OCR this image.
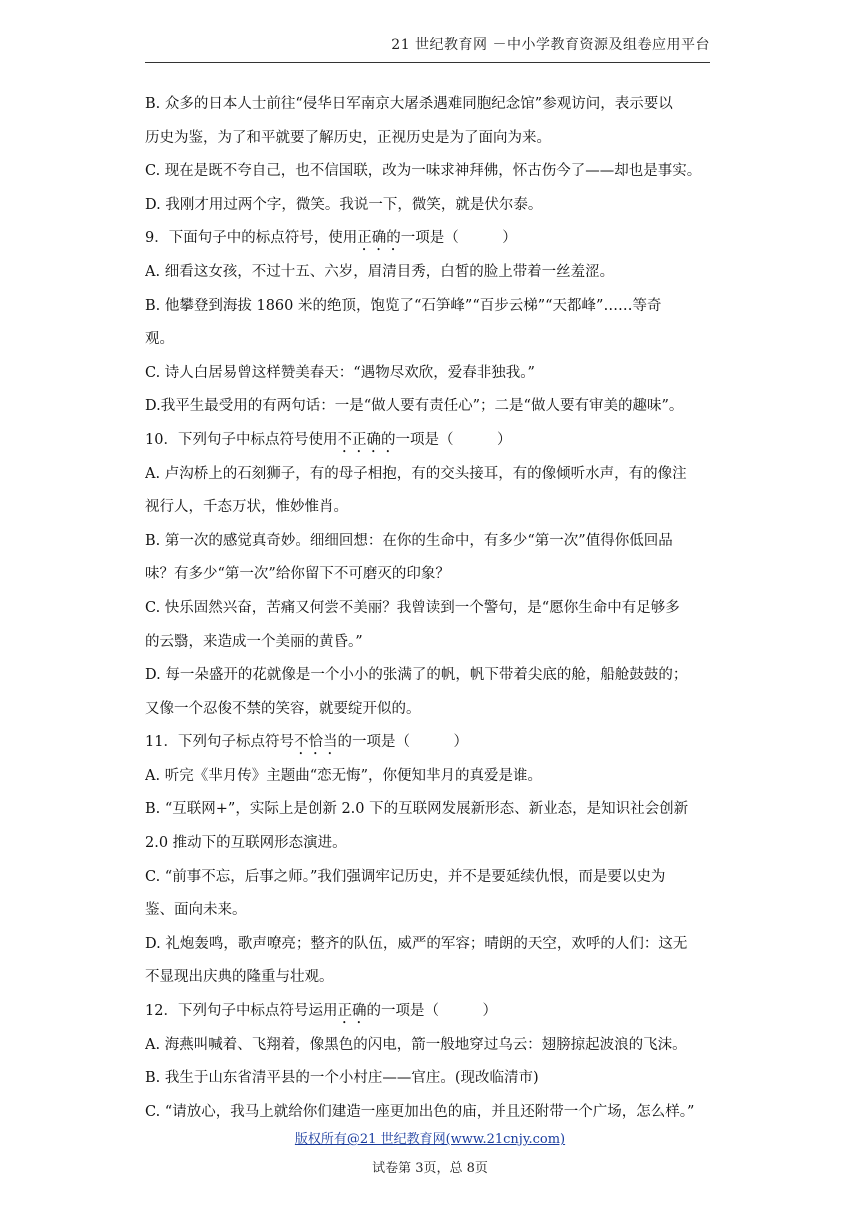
21 世纪教育网 －中小学教育资源及组卷应用平台
B. 众多的日本人士前往“侵华日军南京大屠杀遇难同胞纪念馆”参观访问，表示要以
历史为鉴，为了和平就要了解历史，正视历史是为了面向为来。
C. 现在是既不夸自己，也不信国联，改为一味求神拜佛，怀古伤今了——却也是事实。
D. 我刚才用过两个字，微笑。我说一下，微笑，就是伏尔泰。
9．下面句子中的标点符号，使用正确的一项是（　　　）
A. 细看这女孩，不过十五、六岁，眉清目秀，白皙的脸上带着一丝羞涩。
B. 他攀登到海拔 1860 米的绝顶，饱览了“石笋峰”“百步云梯”“天都峰”……等奇
观。
C. 诗人白居易曾这样赞美春天：“遇物尽欢欣，爱春非独我。”
D.我平生最受用的有两句话：一是“做人要有责任心”；二是“做人要有审美的趣味”。
10．下列句子中标点符号使用不正确的一项是（　　　）
A. 卢沟桥上的石刻狮子，有的母子相抱，有的交头接耳，有的像倾听水声，有的像注
视行人，千态万状，惟妙惟肖。
B. 第一次的感觉真奇妙。细细回想：在你的生命中，有多少“第一次”值得你低回品
味？有多少“第一次”给你留下不可磨灭的印象？
C. 快乐固然兴奋，苦痛又何尝不美丽？我曾读到一个警句，是“愿你生命中有足够多
的云翳，来造成一个美丽的黄昏。”
D. 每一朵盛开的花就像是一个小小的张满了的帆，帆下带着尖底的舱，船舱鼓鼓的；
又像一个忍俊不禁的笑容，就要绽开似的。
11．下列句子标点符号不恰当的一项是（　　　）
A. 听完《芈月传》主题曲“恋无悔”，你便知芈月的真爱是谁。
B. “互联网+”，实际上是创新 2.0 下的互联网发展新形态、新业态，是知识社会创新
2.0 推动下的互联网形态演进。
C. “前事不忘，后事之师。”我们强调牢记历史，并不是要延续仇恨，而是要以史为
鉴、面向未来。
D. 礼炮轰鸣，歌声嘹亮；整齐的队伍，威严的军容；晴朗的天空，欢呼的人们：这无
不显现出庆典的隆重与壮观。
12．下列句子中标点符号运用正确的一项是（　　　）
A. 海燕叫喊着、飞翔着，像黑色的闪电，箭一般地穿过乌云：翅膀掠起波浪的飞沫。
B. 我生于山东省清平县的一个小村庄——官庄。(现改临清市)
C. “请放心，我马上就给你们建造一座更加出色的庙，并且还附带一个广场，怎么样。”
版权所有@21 世纪教育网(www.21cnjy.com)
试卷第 3页，总 8页
